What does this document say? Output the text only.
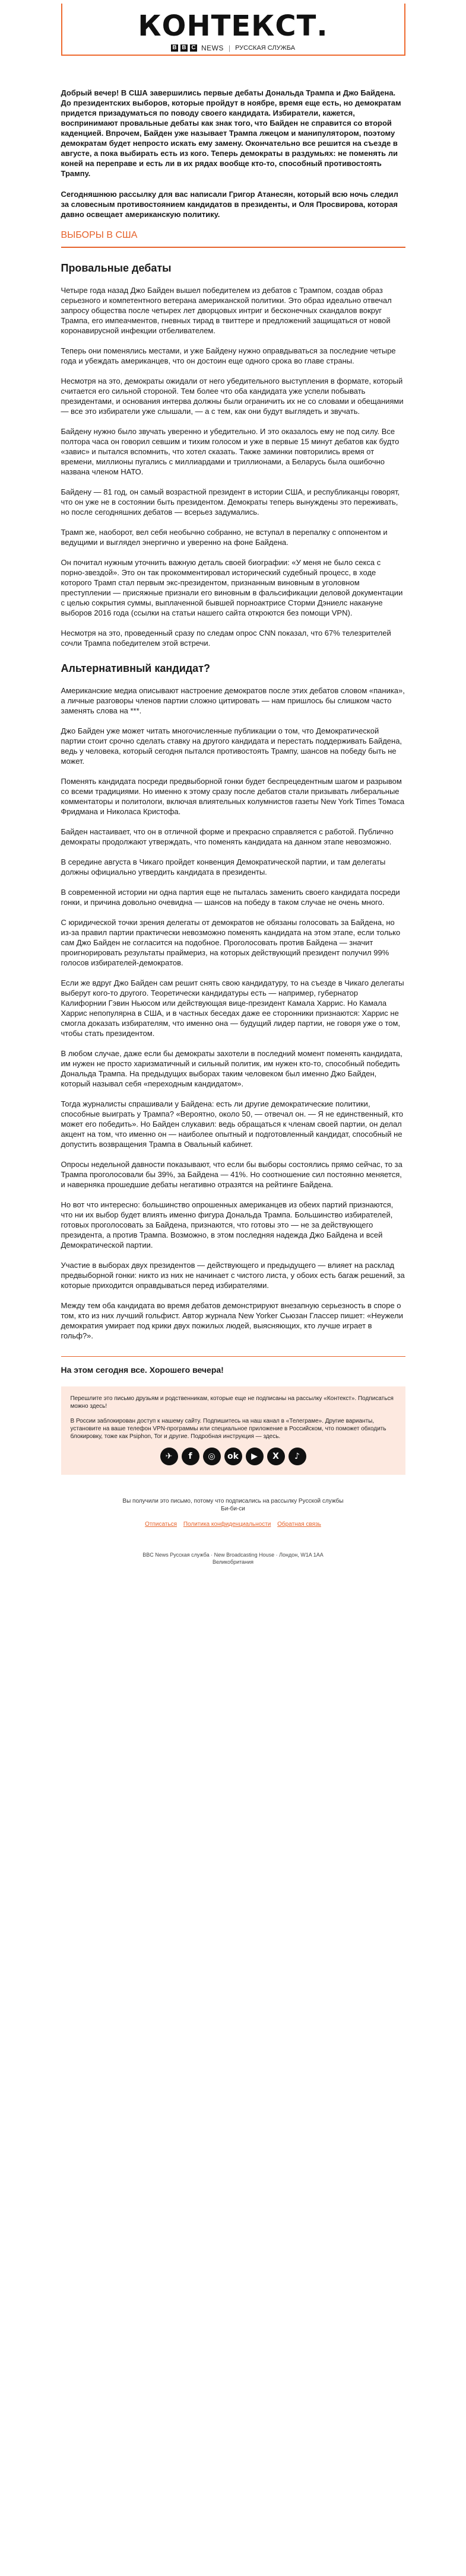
КОНТЕКСТ.
B B C NEWS | РУССКАЯ СЛУЖБА

Добрый вечер! В США завершились первые дебаты Дональда Трампа и Джо Байдена. До президентских выборов, которые пройдут в ноябре, время еще есть, но демократам придется призадуматься по поводу своего кандидата. Избиратели, кажется, воспринимают провальные дебаты как знак того, что Байден не справится со второй каденцией. Впрочем, Байден уже называет Трампа лжецом и манипулятором, поэтому демократам будет непросто искать ему замену. Окончательно все решится на съезде в августе, а пока выбирать есть из кого. Теперь демократы в раздумьях: не поменять ли коней на переправе и есть ли в их рядах вообще кто-то, способный противостоять Трампу.

Сегодняшнюю рассылку для вас написали Григор Атанесян, который всю ночь следил за словесным противостоянием кандидатов в президенты, и Оля Просвирова, которая давно освещает американскую политику.

ВЫБОРЫ В США
Провальные дебаты

Четыре года назад Джо Байден вышел победителем из дебатов с Трампом, создав образ серьезного и компетентного ветерана американской политики. Это образ идеально отвечал запросу общества после четырех лет дворцовых интриг и бесконечных скандалов вокруг Трампа, его импеачментов, гневных тирад в твиттере и предложений защищаться от новой коронавирусной инфекции отбеливателем.

Теперь они поменялись местами, и уже Байдену нужно оправдываться за последние четыре года и убеждать американцев, что он достоин еще одного срока во главе страны.

Несмотря на это, демократы ожидали от него убедительного выступления в формате, который считается его сильной стороной. Тем более что оба кандидата уже успели побывать президентами, и основания интерва должны были ограничить их не со словами и обещаниями — все это избиратели уже слышали, — а с тем, как они будут выглядеть и звучать.

Байдену нужно было звучать уверенно и убедительно. И это оказалось ему не под силу. Все полтора часа он говорил севшим и тихим голосом и уже в первые 15 минут дебатов как будто «завис» и пытался вспомнить, что хотел сказать. Также заминки повторились время от времени, миллионы пугались с миллиардами и триллионами, а Беларусь была ошибочно названа членом НАТО.

Байдену — 81 год, он самый возрастной президент в истории США, и республиканцы говорят, что он уже не в состоянии быть президентом. Демократы теперь вынуждены это переживать, но после сегодняшних дебатов — всерьез задумались.

Трамп же, наоборот, вел себя необычно собранно, не вступал в перепалку с оппонентом и ведущими и выглядел энергично и уверенно на фоне Байдена.

Он почитал нужным уточнить важную деталь своей биографии: «У меня не было секса с порно-звездой». Это он так прокомментировал исторический судебный процесс, в ходе которого Трамп стал первым экс-президентом, признанным виновным в уголовном преступлении — присяжные признали его виновным в фальсификации деловой документации с целью сокрытия суммы, выплаченной бывшей порноактрисе Сторми Дэниелс накануне выборов 2016 года (ссылки на статьи нашего сайта откроются без помощи VPN).

Несмотря на это, проведенный сразу по следам опрос CNN показал, что 67% телезрителей сочли Трампа победителем этой встречи.

Альтернативный кандидат?

Американские медиа описывают настроение демократов после этих дебатов словом «паника», а личные разговоры членов партии сложно цитировать — нам пришлось бы слишком часто заменять слова на ***.

Джо Байден уже может читать многочисленные публикации о том, что Демократической партии стоит срочно сделать ставку на другого кандидата и перестать поддерживать Байдена, ведь у человека, который сегодня пытался противостоять Трампу, шансов на победу быть не может.

Поменять кандидата посреди предвыборной гонки будет беспрецедентным шагом и разрывом со всеми традициями. Но именно к этому сразу после дебатов стали призывать либеральные комментаторы и политологи, включая влиятельных колумнистов газеты New York Times Томаса Фридмана и Николаса Кристофа.

Байден настаивает, что он в отличной форме и прекрасно справляется с работой. Публично демократы продолжают утверждать, что поменять кандидата на данном этапе невозможно.

В середине августа в Чикаго пройдет конвенция Демократической партии, и там делегаты должны официально утвердить кандидата в президенты.

В современной истории ни одна партия еще не пыталась заменить своего кандидата посреди гонки, и причина довольно очевидна — шансов на победу в таком случае не очень много.

С юридической точки зрения делегаты от демократов не обязаны голосовать за Байдена, но из-за правил партии практически невозможно поменять кандидата на этом этапе, если только сам Джо Байден не согласится на подобное. Проголосовать против Байдена — значит проигнорировать результаты праймериз, на которых действующий президент получил 99% голосов избирателей-демократов.

Если же вдруг Джо Байден сам решит снять свою кандидатуру, то на съезде в Чикаго делегаты выберут кого-то другого. Теоретически кандидатуры есть — например, губернатор Калифорнии Гэвин Ньюсом или действующая вице-президент Камала Харрис. Но Камала Харрис непопулярна в США, и в частных беседах даже ее сторонники признаются: Харрис не смогла доказать избирателям, что именно она — будущий лидер партии, не говоря уже о том, чтобы стать президентом.

В любом случае, даже если бы демократы захотели в последний момент поменять кандидата, им нужен не просто харизматичный и сильный политик, им нужен кто-то, способный победить Дональда Трампа. На предыдущих выборах таким человеком был именно Джо Байден, который называл себя «переходным кандидатом».

Тогда журналисты спрашивали у Байдена: есть ли другие демократические политики, способные выиграть у Трампа? «Вероятно, около 50, — отвечал он. — Я не единственный, кто может его победить». Но Байден слукавил: ведь обращаться к членам своей партии, он делал акцент на том, что именно он — наиболее опытный и подготовленный кандидат, способный не допустить возвращения Трампа в Овальный кабинет.

Опросы недельной давности показывают, что если бы выборы состоялись прямо сейчас, то за Трампа проголосовали бы 39%, за Байдена — 41%. Но соотношение сил постоянно меняется, и наверняка прошедшие дебаты негативно отразятся на рейтинге Байдена.

Но вот что интересно: большинство опрошенных американцев из обеих партий признаются, что ни их выбор будет влиять именно фигура Дональда Трампа. Большинство избирателей, готовых проголосовать за Байдена, признаются, что готовы это — не за действующего президента, а против Трампа. Возможно, в этом последняя надежда Джо Байдена и всей Демократической партии.

Участие в выборах двух президентов — действующего и предыдущего — влияет на расклад предвыборной гонки: никто из них не начинает с чистого листа, у обоих есть багаж решений, за которые приходится оправдываться перед избирателями.

Между тем оба кандидата во время дебатов демонстрируют внезапную серьезность в споре о том, кто из них лучший гольфист. Автор журнала New Yorker Сьюзан Глассер пишет: «Неужели демократия умирает под крики двух пожилых людей, выясняющих, кто лучше играет в гольф?».

На этом сегодня все. Хорошего вечера!

Перешлите это письмо друзьям и родственникам, которые еще не подписаны на рассылку «Контекст». Подписаться можно здесь!

В России заблокирован доступ к нашему сайту. Подпишитесь на наш канал в «Телеграме». Другие варианты, установите на ваше телефон VPN-программы или специальное приложение в Российском, что поможет обходить блокировку, тоже как Psiphon, Tor и другие. Подробная инструкция — здесь.

✈	f	◎	ok	▶	X	♪
Вы получили это письмо, потому что подписались на рассылку Русской службы
Би-би-си
Отписаться Политика конфиденциальности Обратная связь
BBC News Русская служба · New Broadcasting House · Лондон, W1A 1AA
Великобритания
